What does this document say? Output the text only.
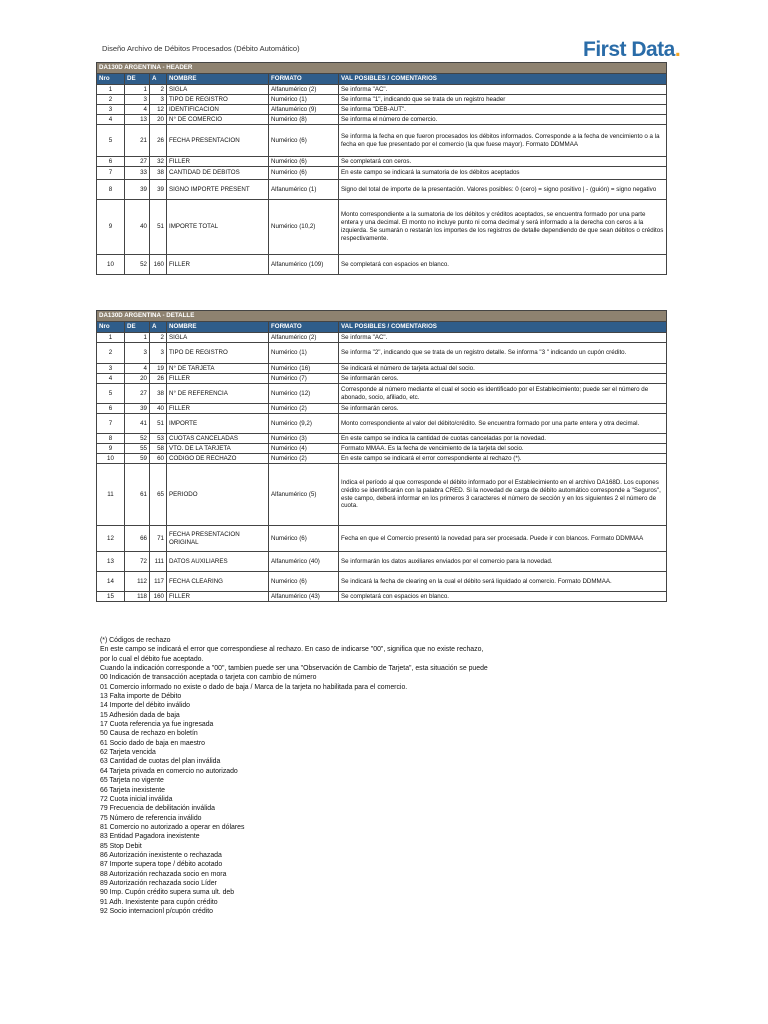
Diseño Archivo de Débitos Procesados (Débito Automático)	First Data.
DA130D ARGENTINA - HEADER					
Nro	DE	A	NOMBRE	FORMATO	VAL POSIBLES / COMENTARIOS
1	1	2	SIGLA	Alfanumérico (2)	Se informa "AC".
2	3	3	TIPO DE REGISTRO	Numérico (1)	Se informa "1", indicando que se trata de un registro header
3	4	12	IDENTIFICACION	Alfanumérico (9)	Se informa "DEB-AUT".
4	13	20	N° DE COMERCIO	Numérico (8)	Se informa el número de comercio.
5	21	26	FECHA PRESENTACION	Numérico (6)	Se informa la fecha en que fueron procesados los débitos informados. Corresponde a la fecha de vencimiento o a la fecha en que fue presentado por el comercio (la que fuese mayor). Formato DDMMAA
6	27	32	FILLER	Numérico (6)	Se completará con ceros.
7	33	38	CANTIDAD DE DEBITOS	Numérico (6)	En este campo se indicará la sumatoria de los débitos aceptados
8	39	39	SIGNO IMPORTE PRESENT	Alfanumérico (1)	Signo del total de importe de la presentación. Valores posibles: 0 (cero) = signo positivo | - (guión) = signo negativo
9	40	51	IMPORTE TOTAL	Numérico (10,2)	Monto correspondiente a la sumatoria de los débitos y créditos aceptados, se encuentra formado por una parte entera y una decimal. El monto no incluye punto ni coma decimal y será informado a la derecha con ceros a la izquierda. Se sumarán o restarán los importes de los registros de detalle dependiendo de que sean débitos o créditos respectivamente.
10	52	160	FILLER	Alfanumérico (109)	Se completará con espacios en blanco.
DA130D ARGENTINA - DETALLE					
Nro	DE	A	NOMBRE	FORMATO	VAL POSIBLES / COMENTARIOS
1	1	2	SIGLA	Alfanumérico (2)	Se informa "AC".
2	3	3	TIPO DE REGISTRO	Numérico (1)	Se informa "2", indicando que se trata de un registro detalle. Se informa "3 " indicando un cupón crédito.
3	4	19	N° DE TARJETA	Numérico (16)	Se indicará el número de tarjeta actual del socio.
4	20	26	FILLER	Numérico (7)	Se informarán ceros.
5	27	38	N° DE REFERENCIA	Numérico (12)	Corresponde al número mediante el cual el socio es identificado por el Establecimiento; puede ser el número de abonado, socio, afiliado, etc.
6	39	40	FILLER	Numérico (2)	Se informarán ceros.
7	41	51	IMPORTE	Numérico (9,2)	Monto correspondiente al valor del débito/crédito. Se encuentra formado por una parte entera y otra decimal.
8	52	53	CUOTAS CANCELADAS	Numérico (3)	En este campo se indica la cantidad de cuotas canceladas por la novedad.
9	55	58	VTO. DE LA TARJETA	Numérico (4)	Formato MMAA. Es la fecha de vencimiento de la tarjeta del socio.
10	59	60	CODIGO DE RECHAZO	Numérico (2)	En este campo se indicará el error correspondiente al rechazo (*).
11	61	65	PERIODO	Alfanumérico (5)	Indica el período al que corresponde el débito informado por el Establecimiento en el archivo DA168D. Los cupones crédito se identificarán con la palabra CRED. Si la novedad de carga de débito automático corresponde a "Seguros", este campo, deberá informar en los primeros 3 caracteres el número de sección y en los siguientes 2 el número de cuota.
12	66	71	FECHA PRESENTACION ORIGINAL	Numérico (6)	Fecha en que el Comercio presentó la novedad para ser procesada. Puede ir con blancos. Formato DDMMAA
13	72	111	DATOS AUXILIARES	Alfanumérico (40)	Se informarán los datos auxiliares enviados por el comercio para la novedad.
14	112	117	FECHA CLEARING	Numérico (6)	Se indicará la fecha de clearing en la cual el débito será liquidado al comercio. Formato DDMMAA.
15	118	160	FILLER	Alfanumérico (43)	Se completará con espacios en blanco.
(*) Códigos de rechazo
En este campo se indicará el error que correspondiese al rechazo. En caso de indicarse "00", significa que no existe rechazo,
por lo cual el débito fue aceptado.
Cuando la indicación corresponde a "00", tambien puede ser una "Observación de Cambio de Tarjeta", esta situación se puede
00 Indicación de transacción aceptada o tarjeta con cambio de número
01 Comercio informado no existe o dado de baja / Marca de la tarjeta no habilitada para el comercio.
13 Falta importe de Débito
14 Importe del débito inválido
15 Adhesión dada de baja
17 Cuota referencia ya fue ingresada
50 Causa de rechazo en boletín
61 Socio dado de baja en maestro
62 Tarjeta vencida
63 Cantidad de cuotas del plan inválida
64 Tarjeta privada en comercio no autorizado
65 Tarjeta no vigente
66 Tarjeta inexistente
72 Cuota inicial inválida
79 Frecuencia de debilitación inválida
75 Número de referencia inválido
81 Comercio no autorizado a operar en dólares
83 Entidad Pagadora inexistente
85 Stop Debit
86 Autorización inexistente o rechazada
87 Importe supera tope / débito acotado
88 Autorización rechazada socio en mora
89 Autorización rechazada socio Líder
90 Imp. Cupón crédito supera suma ult. deb
91 Adh. Inexistente para cupón crédito
92 Socio internacionl p/cupón crédito
